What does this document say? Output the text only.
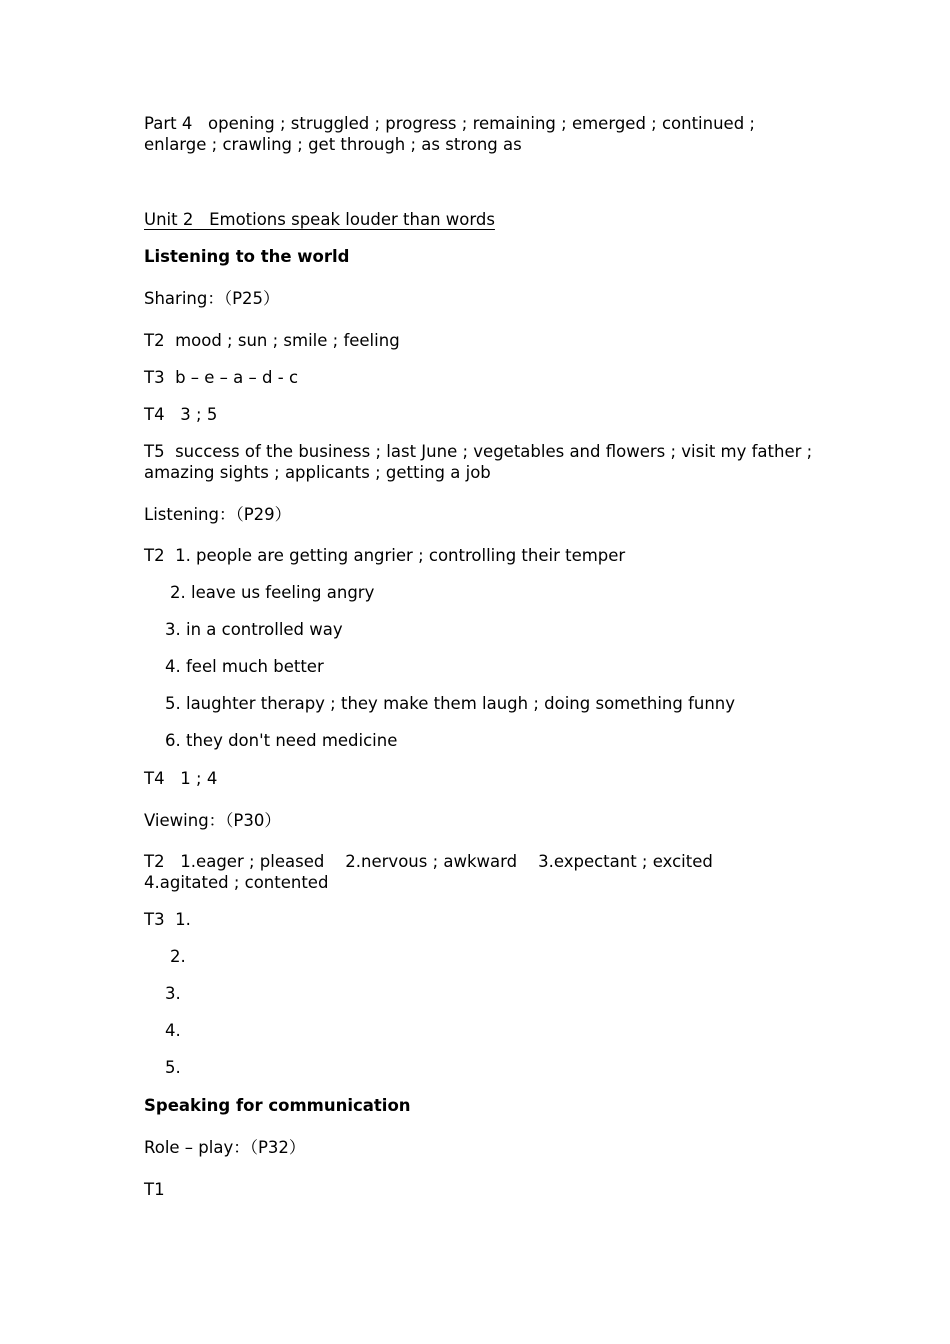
Part 4   opening ; struggled ; progress ; remaining ; emerged ; continued ; enlarge ; crawling ; get through ; as strong as

Unit 2   Emotions speak louder than words

Listening to the world

Sharing：（P25）

T2  mood ; sun ; smile ; feeling

T3  b – e – a – d - c

T4   3 ; 5

T5  success of the business ; last June ; vegetables and flowers ; visit my father ; amazing sights ; applicants ; getting a job

Listening：（P29）

T2  1. people are getting angrier ; controlling their temper

2. leave us feeling angry

3. in a controlled way

4. feel much better

5. laughter therapy ; they make them laugh ; doing something funny

6. they don't need medicine

T4   1 ; 4

Viewing：（P30）

T2   1.eager ; pleased    2.nervous ; awkward    3.expectant ; excited    4.agitated ; contented

T3  1.

2.

3.

4.

5.

Speaking for communication

Role – play：（P32）

T1
